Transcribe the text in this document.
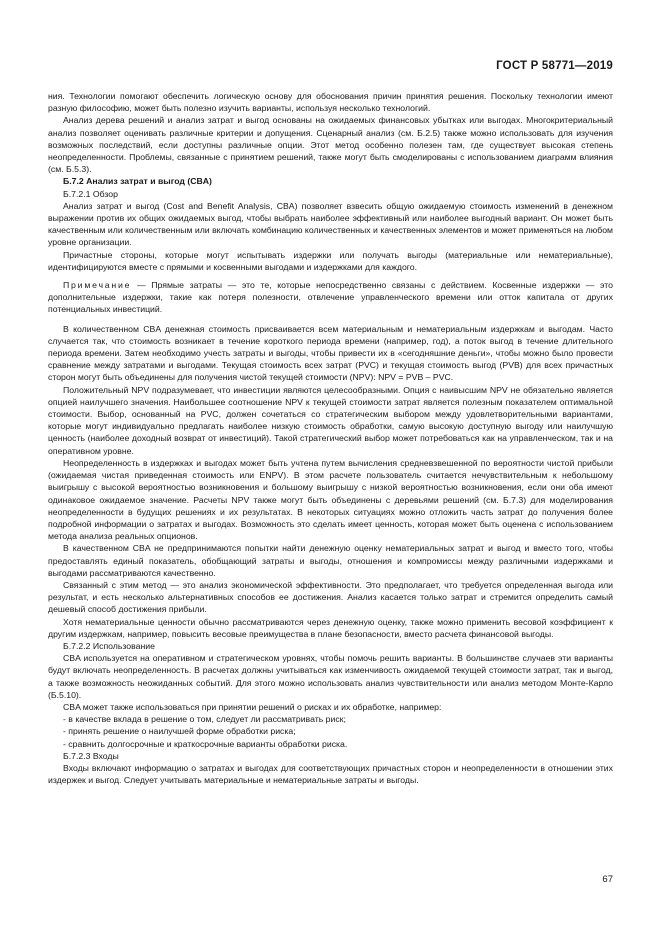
ГОСТ Р 58771—2019

ния. Технологии помогают обеспечить логическую основу для обоснования причин принятия решения. Поскольку технологии имеют разную философию, может быть полезно изучить варианты, используя несколько технологий.

Анализ дерева решений и анализ затрат и выгод основаны на ожидаемых финансовых убытках или выгодах. Многокритериальный анализ позволяет оценивать различные критерии и допущения. Сценарный анализ (см. Б.2.5) также можно использовать для изучения возможных последствий, если доступны различные опции. Этот метод особенно полезен там, где существует высокая степень неопределенности. Проблемы, связанные с принятием решений, также могут быть смоделированы с использованием диаграмм влияния (см. Б.5.3).

Б.7.2 Анализ затрат и выгод (CBA)

Б.7.2.1 Обзор

Анализ затрат и выгод (Cost and Benefit Analysis, CBA) позволяет взвесить общую ожидаемую стоимость изменений в денежном выражении против их общих ожидаемых выгод, чтобы выбрать наиболее эффективный или наиболее выгодный вариант. Он может быть качественным или количественным или включать комбинацию количественных и качественных элементов и может применяться на любом уровне организации.

Причастные стороны, которые могут испытывать издержки или получать выгоды (материальные или нематериальные), идентифицируются вместе с прямыми и косвенными выгодами и издержками для каждого.

Примечание — Прямые затраты — это те, которые непосредственно связаны с действием. Косвенные издержки — это дополнительные издержки, такие как потеря полезности, отвлечение управленческого времени или отток капитала от других потенциальных инвестиций.

В количественном CBA денежная стоимость присваивается всем материальным и нематериальным издержкам и выгодам. Часто случается так, что стоимость возникает в течение короткого периода времени (например, год), а поток выгод в течение длительного периода времени. Затем необходимо учесть затраты и выгоды, чтобы привести их в «сегодняшние деньги», чтобы можно было провести сравнение между затратами и выгодами. Текущая стоимость всех затрат (PVC) и текущая стоимость выгод (PVB) для всех причастных сторон могут быть объединены для получения чистой текущей стоимости (NPV): NPV = PVB – PVC.

Положительный NPV подразумевает, что инвестиции являются целесообразными. Опция с наивысшим NPV не обязательно является опцией наилучшего значения. Наибольшее соотношение NPV к текущей стоимости затрат является полезным показателем оптимальной стоимости. Выбор, основанный на PVC, должен сочетаться со стратегическим выбором между удовлетворительными вариантами, которые могут индивидуально предлагать наиболее низкую стоимость обработки, самую высокую доступную выгоду или наилучшую ценность (наиболее доходный возврат от инвестиций). Такой стратегический выбор может потребоваться как на управленческом, так и на оперативном уровне.

Неопределенность в издержках и выгодах может быть учтена путем вычисления средневзвешенной по вероятности чистой прибыли (ожидаемая чистая приведенная стоимость или ENPV). В этом расчете пользователь считается нечувствительным к небольшому выигрышу с высокой вероятностью возникновения и большому выигрышу с низкой вероятностью возникновения, если они оба имеют одинаковое ожидаемое значение. Расчеты NPV также могут быть объединены с деревьями решений (см. Б.7.3) для моделирования неопределенности в будущих решениях и их результатах. В некоторых ситуациях можно отложить часть затрат до получения более подробной информации о затратах и выгодах. Возможность это сделать имеет ценность, которая может быть оценена с использованием метода анализа реальных опционов.

В качественном CBA не предпринимаются попытки найти денежную оценку нематериальных затрат и выгод и вместо того, чтобы предоставлять единый показатель, обобщающий затраты и выгоды, отношения и компромиссы между различными издержками и выгодами рассматриваются качественно.

Связанный с этим метод — это анализ экономической эффективности. Это предполагает, что требуется определенная выгода или результат, и есть несколько альтернативных способов ее достижения. Анализ касается только затрат и стремится определить самый дешевый способ достижения прибыли.

Хотя нематериальные ценности обычно рассматриваются через денежную оценку, также можно применить весовой коэффициент к другим издержкам, например, повысить весовые преимущества в плане безопасности, вместо расчета финансовой выгоды.

Б.7.2.2 Использование

CBA используется на оперативном и стратегическом уровнях, чтобы помочь решить варианты. В большинстве случаев эти варианты будут включать неопределенность. В расчетах должны учитываться как изменчивость ожидаемой текущей стоимости затрат, так и выгод, а также возможность неожиданных событий. Для этого можно использовать анализ чувствительности или анализ методом Монте-Карло (Б.5.10).

CBA может также использоваться при принятии решений о рисках и их обработке, например:

- в качестве вклада в решение о том, следует ли рассматривать риск;
- принять решение о наилучшей форме обработки риска;
- сравнить долгосрочные и краткосрочные варианты обработки риска.

Б.7.2.3 Входы

Входы включают информацию о затратах и выгодах для соответствующих причастных сторон и неопределенности в отношении этих издержек и выгод. Следует учитывать материальные и нематериальные затраты и выгоды.

67
